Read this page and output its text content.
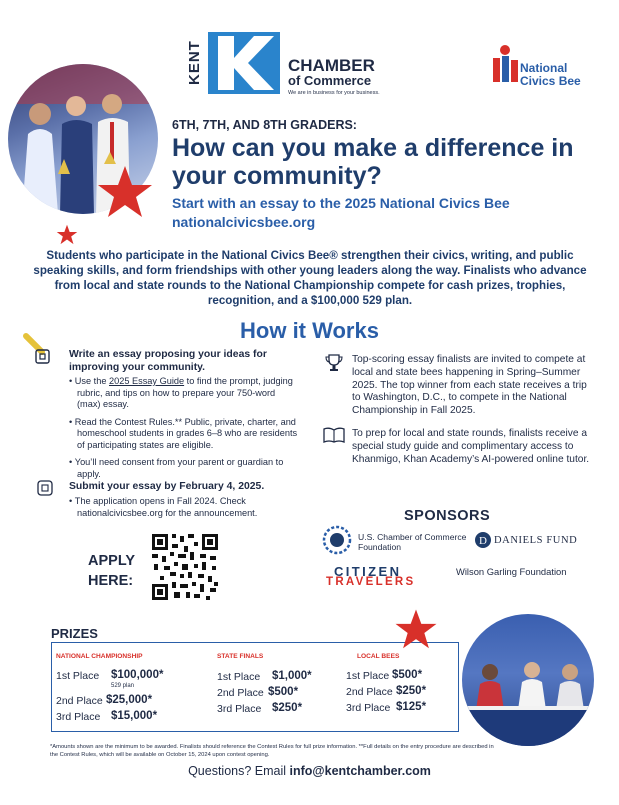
KENT	CHAMBER
of Commerce
We are in business for your business.
National
Civics Bee
6TH, 7TH, AND 8TH GRADERS:
How can you make a difference in your community?
Start with an essay to the 2025 National Civics Bee
nationalcivicsbee.org
Students who participate in the National Civics Bee® strengthen their civics, writing, and public speaking skills, and form friendships with other young leaders along the way. Finalists who advance from local and state rounds to the National Championship compete for cash prizes, trophies, recognition, and a $100,000 529 plan.
How it Works
Write an essay proposing your ideas for improving your community.
• Use the 2025 Essay Guide to find the prompt, judging rubric, and tips on how to prepare your 750-word (max) essay.
• Read the Contest Rules.** Public, private, charter, and homeschool students in grades 6–8 who are residents of participating states are eligible.
• You’ll need consent from your parent or guardian to apply.
Submit your essay by February 4, 2025.
• The application opens in Fall 2024. Check nationalcivicsbee.org for the announcement.
Top-scoring essay finalists are invited to compete at local and state bees happening in Spring–Summer 2025. The top winner from each state receives a trip to Washington, D.C., to compete in the National Championship in Fall 2025.
To prep for local and state rounds, finalists receive a special study guide and complimentary access to Khanmigo, Khan Academy’s AI-powered online tutor.
APPLY
HERE:
SPONSORS
U.S. Chamber of Commerce
Foundation	D DANIELS FUND
CITIZEN
TRAVELERS
Wilson Garling Foundation
PRIZES
NATIONAL CHAMPIONSHIP
1st Place $100,000*
529 plan
2nd Place $25,000*
3rd Place $15,000*
STATE FINALS
1st Place $1,000*
2nd Place $500*
3rd Place $250*
LOCAL BEES
1st Place $500*
2nd Place $250*
3rd Place $125*
*Amounts shown are the minimum to be awarded. Finalists should reference the Contest Rules for full prize information. **Full details on the entry procedure are described in the Contest Rules, which will be available on October 15, 2024 upon contest opening.
Questions? Email info@kentchamber.com
